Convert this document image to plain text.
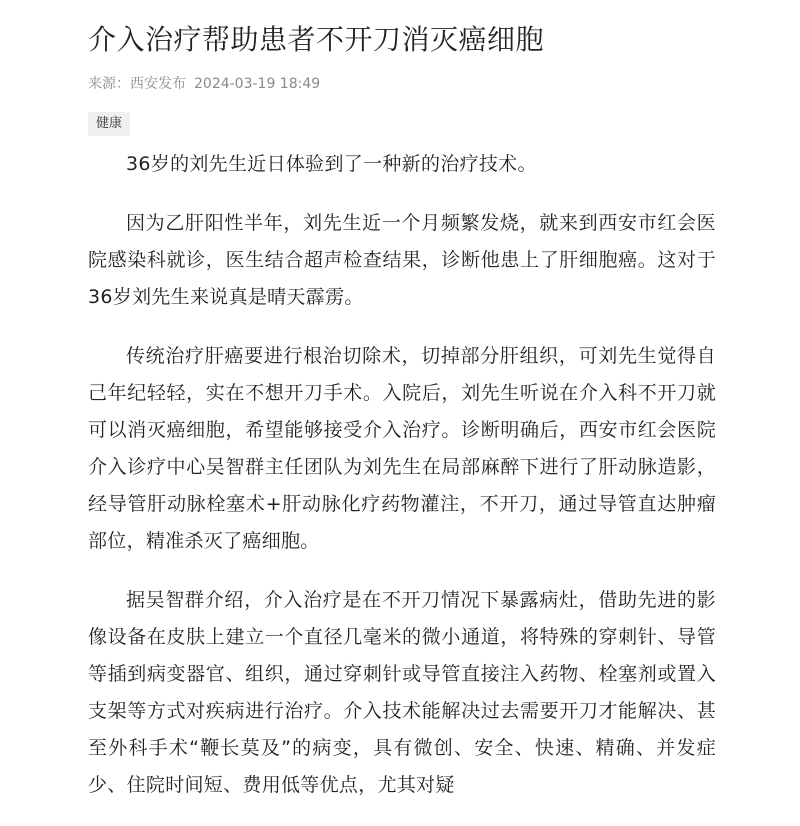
介入治疗帮助患者不开刀消灭癌细胞
来源：西安发布 2024-03-19 18:49
健康

36岁的刘先生近日体验到了一种新的治疗技术。

因为乙肝阳性半年，刘先生近一个月频繁发烧，就来到西安市红会医院感染科就诊，医生结合超声检查结果，诊断他患上了肝细胞癌。这对于36岁刘先生来说真是晴天霹雳。

传统治疗肝癌要进行根治切除术，切掉部分肝组织，可刘先生觉得自己年纪轻轻，实在不想开刀手术。入院后，刘先生听说在介入科不开刀就可以消灭癌细胞，希望能够接受介入治疗。诊断明确后，西安市红会医院介入诊疗中心吴智群主任团队为刘先生在局部麻醉下进行了肝动脉造影，经导管肝动脉栓塞术+肝动脉化疗药物灌注，不开刀，通过导管直达肿瘤部位，精准杀灭了癌细胞。

据吴智群介绍，介入治疗是在不开刀情况下暴露病灶，借助先进的影像设备在皮肤上建立一个直径几毫米的微小通道，将特殊的穿刺针、导管等插到病变器官、组织，通过穿刺针或导管直接注入药物、栓塞剂或置入支架等方式对疾病进行治疗。介入技术能解决过去需要开刀才能解决、甚至外科手术“鞭长莫及”的病变，具有微创、安全、快速、精确、并发症少、住院时间短、费用低等优点，尤其对疑
